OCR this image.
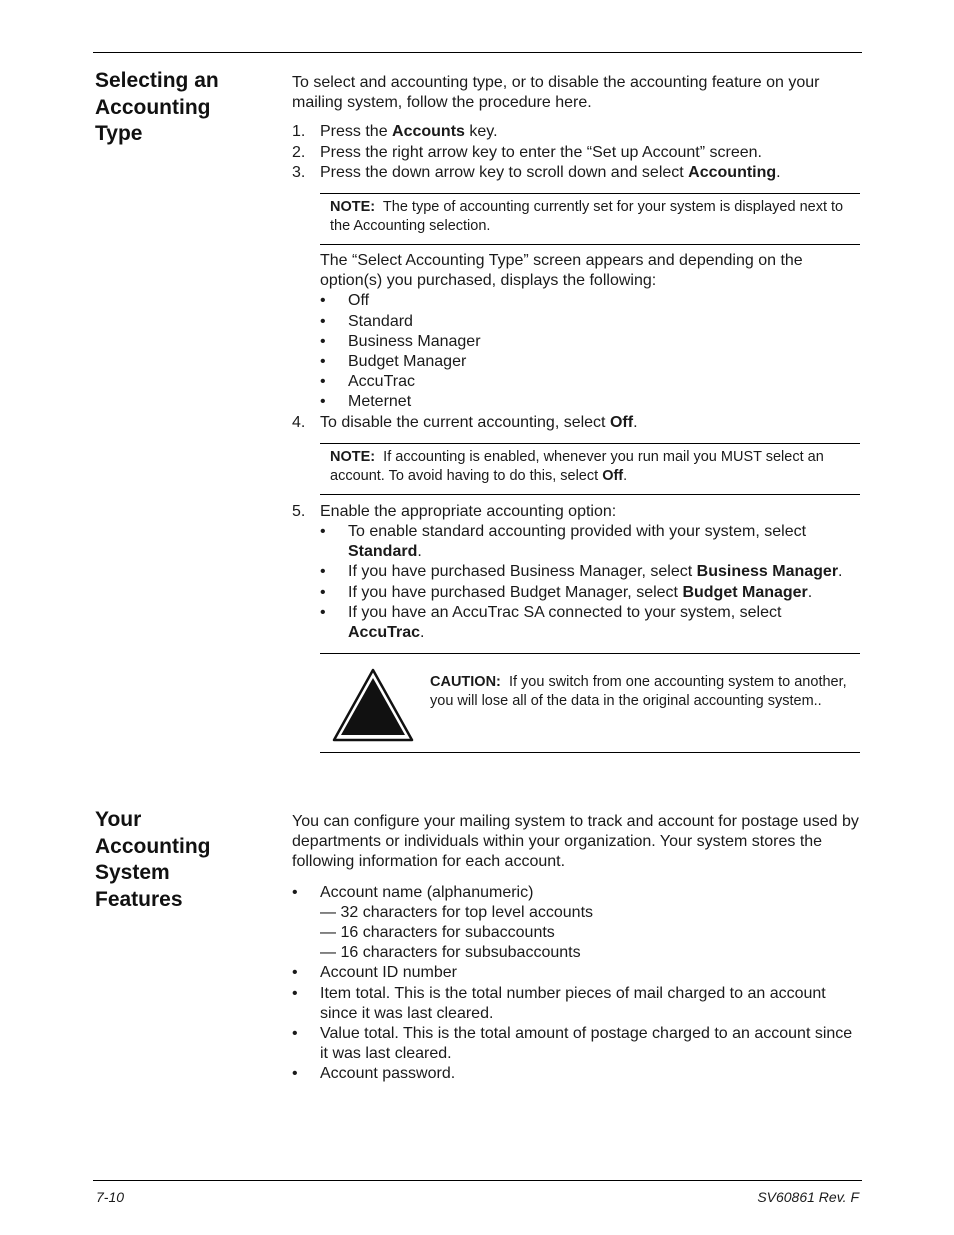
Selecting an
Accounting
Type

To select and accounting type, or to disable the accounting feature on your mailing system, follow the procedure here.

1. Press the Accounts key.
2. Press the right arrow key to enter the “Set up Account” screen.
3. Press the down arrow key to scroll down and select Accounting.
NOTE: The type of accounting currently set for your system is displayed next to the Accounting selection.

The “Select Accounting Type” screen appears and depending on the option(s) you purchased, displays the following:

• Off
• Standard
• Business Manager
• Budget Manager
• AccuTrac
• Meternet
4. To disable the current accounting, select Off.
NOTE: If accounting is enabled, whenever you run mail you MUST select an account. To avoid having to do this, select Off.
5. Enable the appropriate accounting option:
• To enable standard accounting provided with your system, select Standard.
• If you have purchased Business Manager, select Business Manager.
• If you have purchased Budget Manager, select Budget Manager.
• If you have an AccuTrac SA connected to your system, select AccuTrac.
CAUTION: If you switch from one accounting system to another, you will lose all of the data in the original accounting system..
Your
Accounting
System
Features

You can configure your mailing system to track and account for postage used by departments or individuals within your organization. Your system stores the following information for each account.

• Account name (alphanumeric)
— 32 characters for top level accounts
— 16 characters for subaccounts
— 16 characters for subsubaccounts
• Account ID number
• Item total. This is the total number pieces of mail charged to an account since it was last cleared.
• Value total. This is the total amount of postage charged to an account since it was last cleared.
• Account password.
7-10	SV60861 Rev. F
